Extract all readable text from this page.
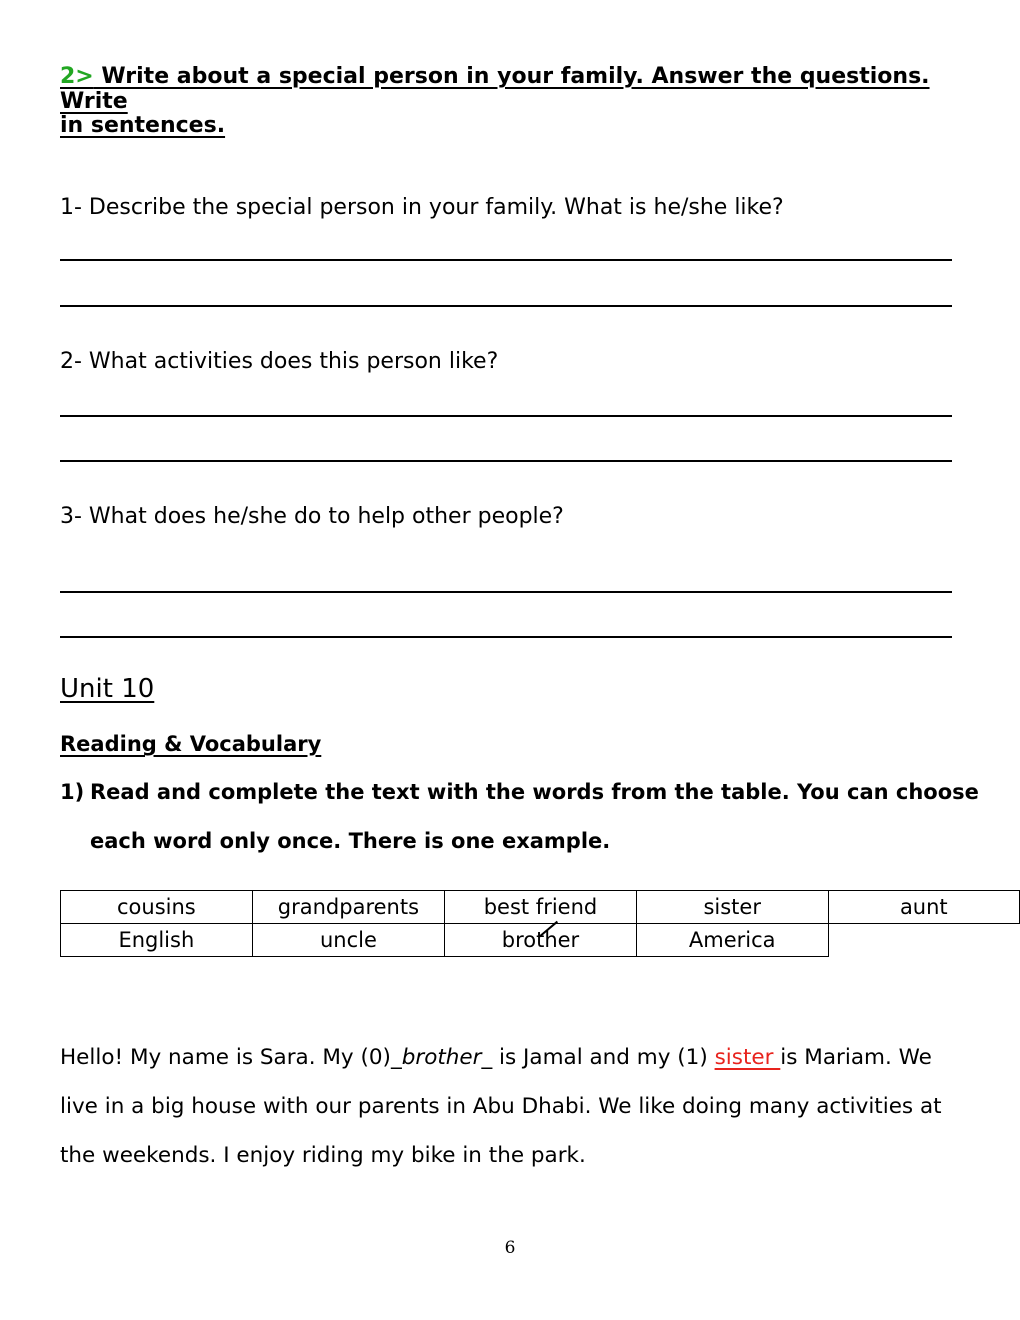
2> Write about a special person in your family. Answer the questions. Write
in sentences.
1- Describe the special person in your family. What is he/she like?
2- What activities does this person like?
3- What does he/she do to help other people?
Unit 10
Reading & Vocabulary
1) Read and complete the text with the words from the table. You can choose
each word only once. There is one example.
cousins	grandparents	best friend	sister	aunt
English	uncle	brother	America	
Hello! My name is Sara. My (0)_brother_ is Jamal and my (1) sister is Mariam. We
live in a big house with our parents in Abu Dhabi. We like doing many activities at
the weekends. I enjoy riding my bike in the park.
6
